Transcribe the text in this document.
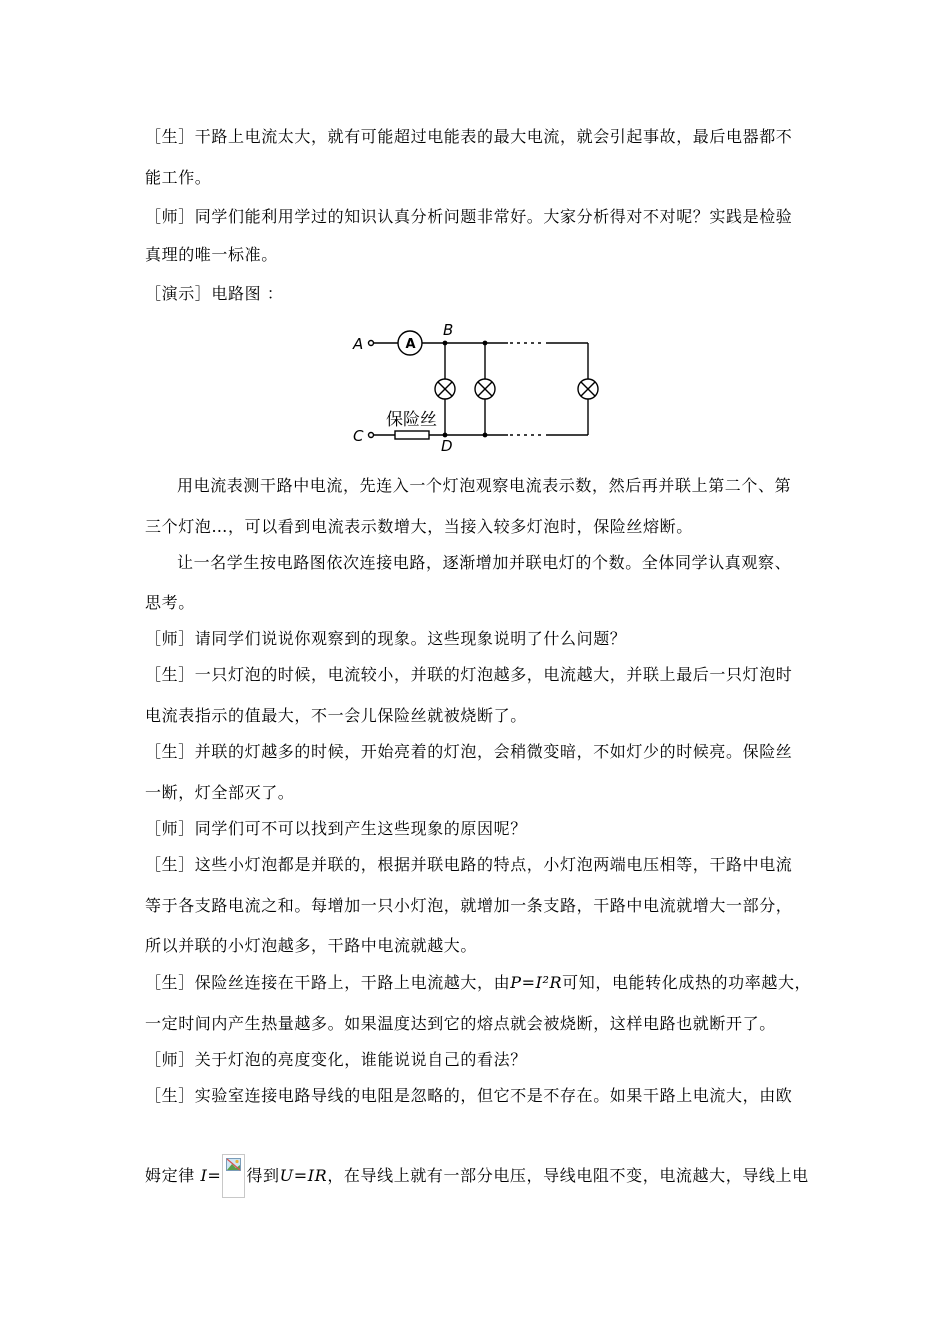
［生］干路上电流太大，就有可能超过电能表的最大电流，就会引起事故，最后电器都不
能工作。
［师］同学们能利用学过的知识认真分析问题非常好。大家分析得对不对呢？实践是检验
真理的唯一标准。
［演示］电路图 ：
A	A
B
保险丝
C
D
用电流表测干路中电流，先连入一个灯泡观察电流表示数，然后再并联上第二个、第
三个灯泡…，可以看到电流表示数增大，当接入较多灯泡时，保险丝熔断。
让一名学生按电路图依次连接电路，逐渐增加并联电灯的个数。全体同学认真观察、
思考。
［师］请同学们说说你观察到的现象。这些现象说明了什么问题？
［生］一只灯泡的时候，电流较小，并联的灯泡越多，电流越大，并联上最后一只灯泡时
电流表指示的值最大，不一会儿保险丝就被烧断了。
［生］并联的灯越多的时候，开始亮着的灯泡，会稍微变暗，不如灯少的时候亮。保险丝
一断，灯全部灭了。
［师］同学们可不可以找到产生这些现象的原因呢？
［生］这些小灯泡都是并联的，根据并联电路的特点，小灯泡两端电压相等，干路中电流
等于各支路电流之和。每增加一只小灯泡，就增加一条支路，干路中电流就增大一部分，
所以并联的小灯泡越多，干路中电流就越大。
［生］保险丝连接在干路上，干路上电流越大，由P=I²R可知，电能转化成热的功率越大，
一定时间内产生热量越多。如果温度达到它的熔点就会被烧断，这样电路也就断开了。
［师］关于灯泡的亮度变化，谁能说说自己的看法？
［生］实验室连接电路导线的电阻是忽略的，但它不是不存在。如果干路上电流大，由欧
姆定律 I= 得到U=IR，在导线上就有一部分电压，导线电阻不变，电流越大，导线上电
